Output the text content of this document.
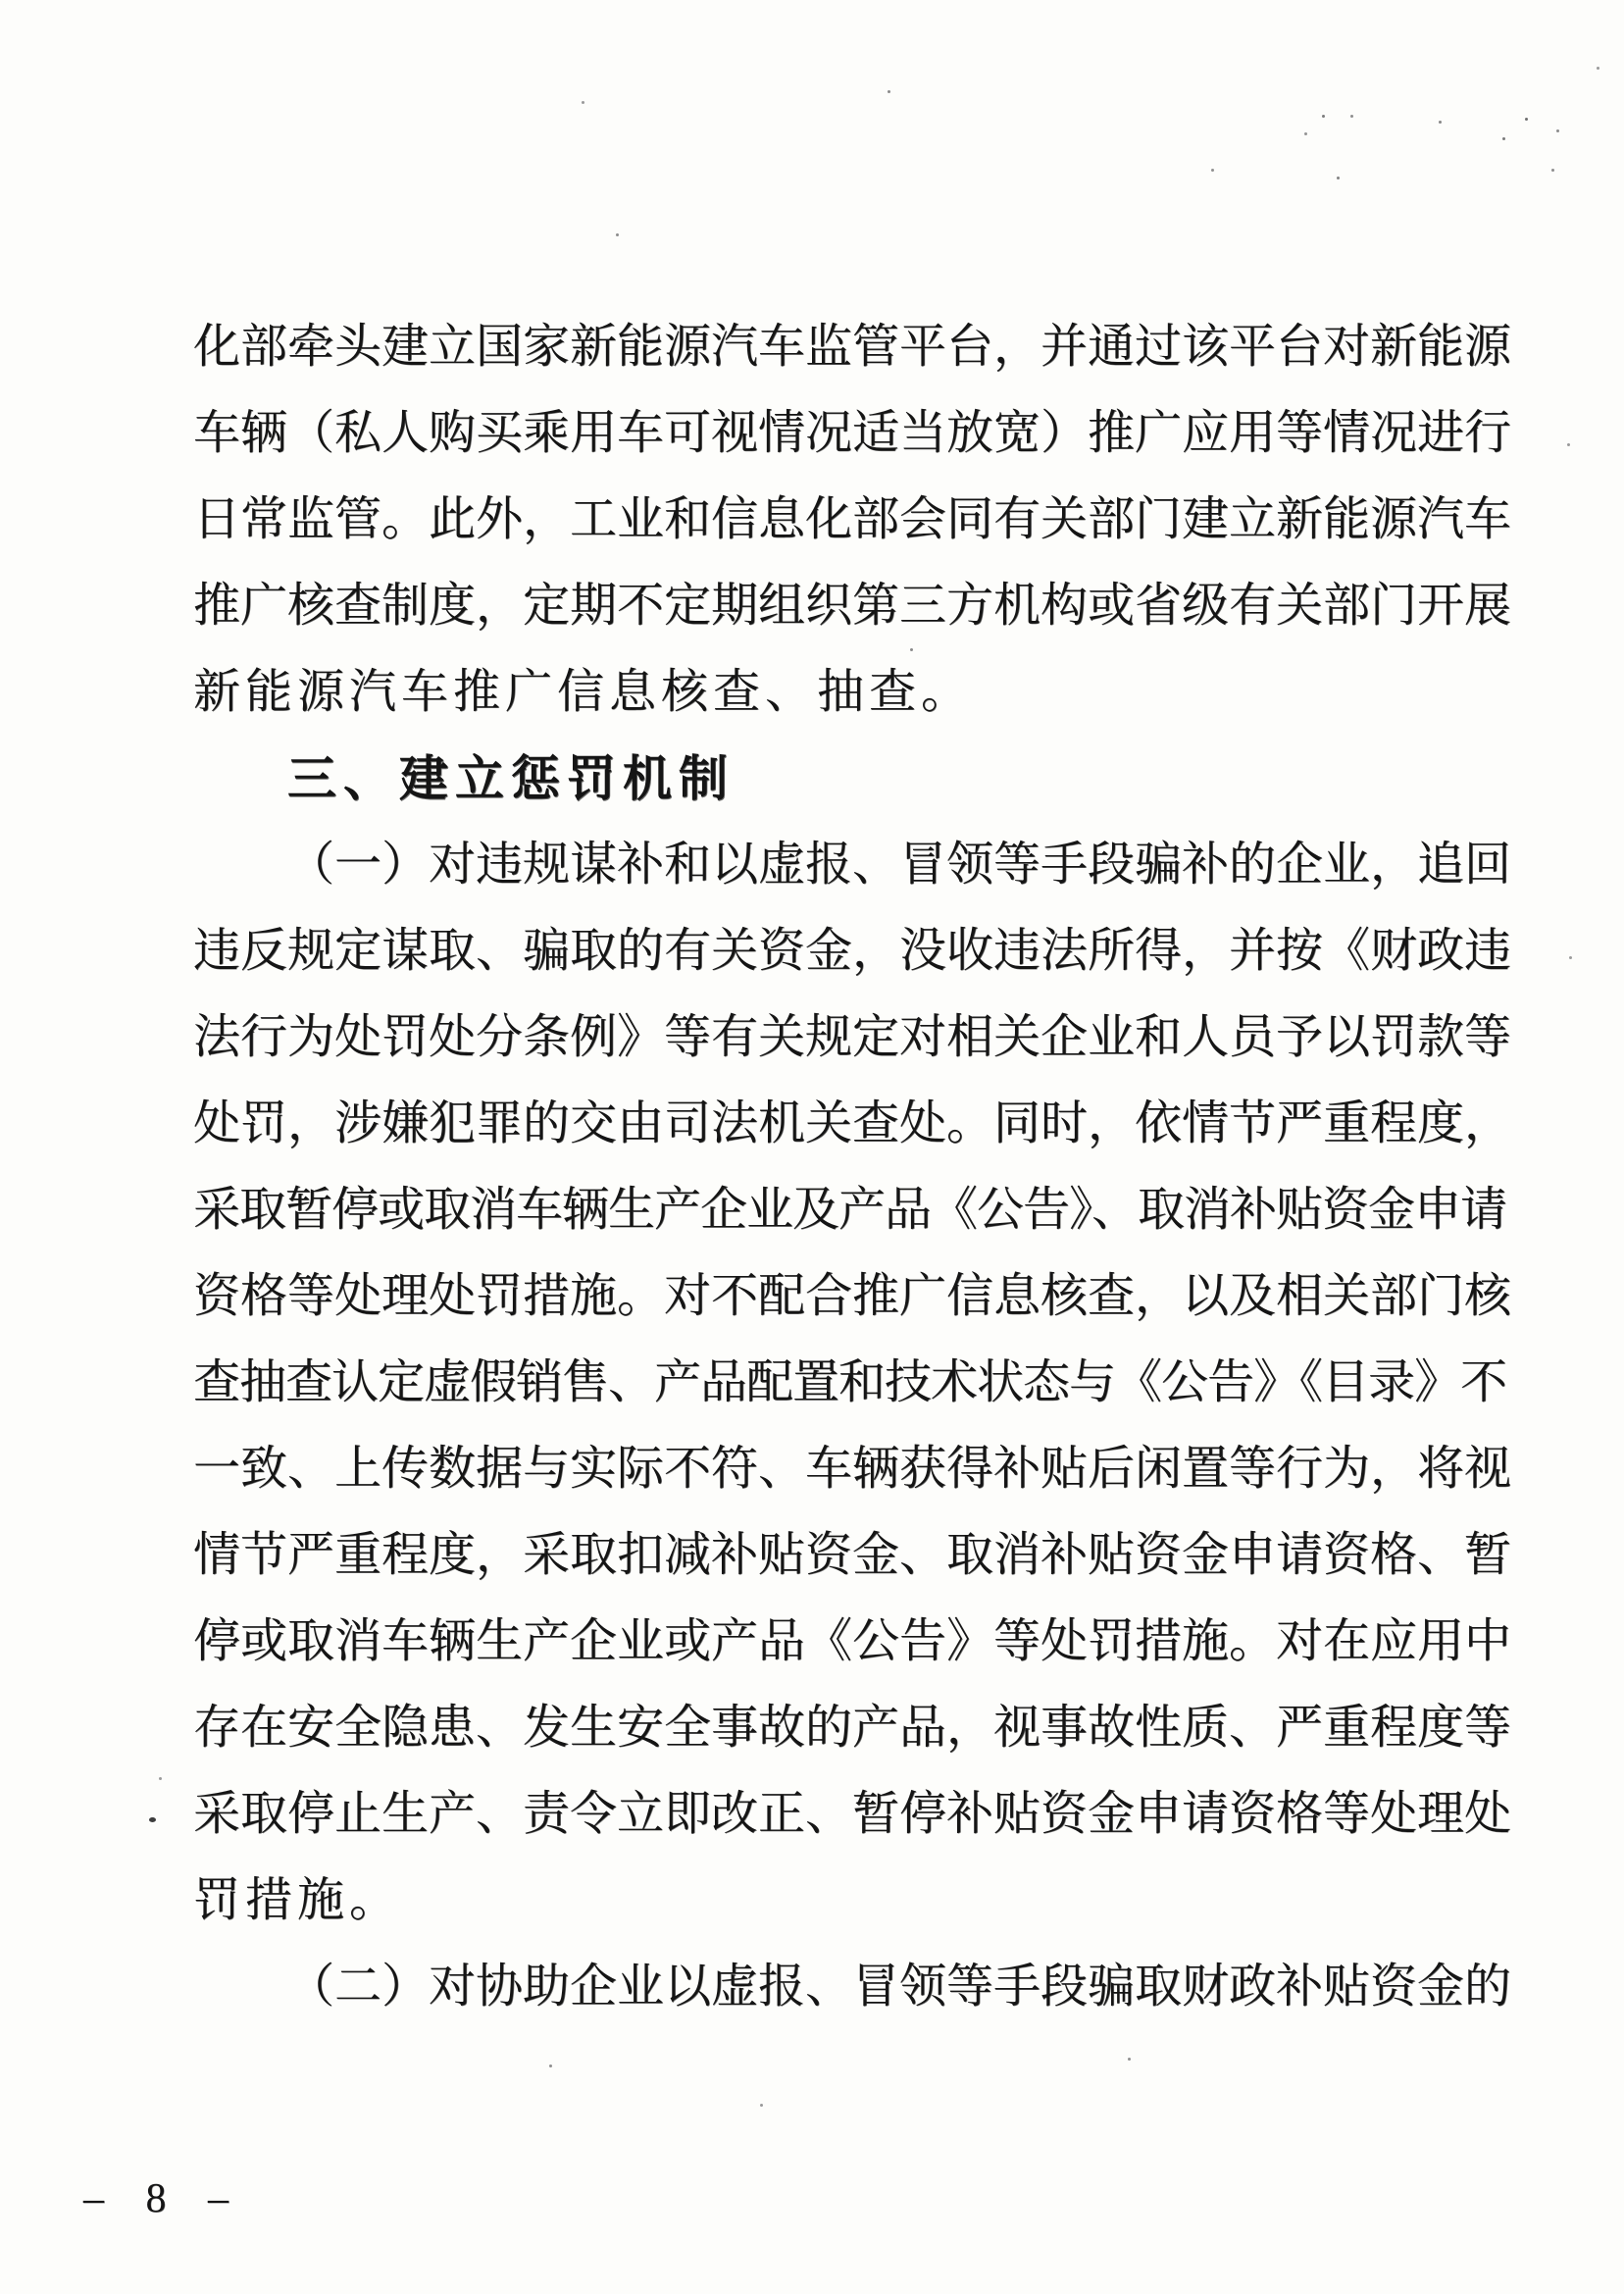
化部牵头建立国家新能源汽车监管平台，并通过该平台对新能源
车辆（私人购买乘用车可视情况适当放宽）推广应用等情况进行
日常监管。此外，工业和信息化部会同有关部门建立新能源汽车
推广核查制度，定期不定期组织第三方机构或省级有关部门开展
新能源汽车推广信息核查、抽查。
三、建立惩罚机制
（一）对违规谋补和以虚报、冒领等手段骗补的企业，追回
违反规定谋取、骗取的有关资金，没收违法所得，并按《财政违
法行为处罚处分条例》等有关规定对相关企业和人员予以罚款等
处罚，涉嫌犯罪的交由司法机关查处。同时，依情节严重程度，
采取暂停或取消车辆生产企业及产品《公告》、取消补贴资金申请
资格等处理处罚措施。对不配合推广信息核查，以及相关部门核
查抽查认定虚假销售、产品配置和技术状态与《公告》《目录》不
一致、上传数据与实际不符、车辆获得补贴后闲置等行为，将视
情节严重程度，采取扣减补贴资金、取消补贴资金申请资格、暂
停或取消车辆生产企业或产品《公告》等处罚措施。对在应用中
存在安全隐患、发生安全事故的产品，视事故性质、严重程度等
采取停止生产、责令立即改正、暂停补贴资金申请资格等处理处
罚措施。
（二）对协助企业以虚报、冒领等手段骗取财政补贴资金的
– 8 –
